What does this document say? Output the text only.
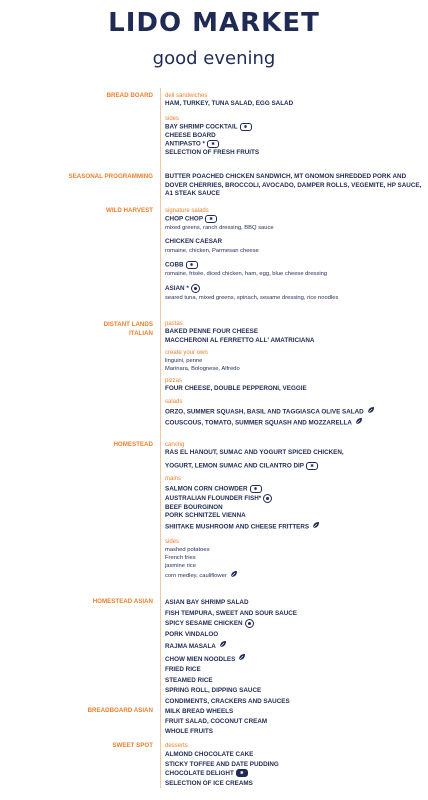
LIDO MARKET
good evening
BREAD BOARD
SEASONAL PROGRAMMING
WILD HARVEST
DISTANT LANDS
ITALIAN
HOMESTEAD
HOMESTEAD ASIAN
BREADBOARD ASIAN
SWEET SPOT
deli sandwiches
HAM, TURKEY, TUNA SALAD, EGG SALAD
sides
BAY SHRIMP COCKTAIL ✱
CHEESE BOARD
ANTIPASTO * ✱
SELECTION OF FRESH FRUITS
BUTTER POACHED CHICKEN SANDWICH, MT GNOMON SHREDDED PORK AND DOVER CHERRIES, BROCCOLI, AVOCADO, DAMPER ROLLS, VEGEMITE, HP SAUCE, A1 STEAK SAUCE
signature salads
CHOP CHOP ✱
mixed greens, ranch dressing, BBQ sauce
CHICKEN CAESAR
romaine, chicken, Parmesan cheese
COBB ✱
romaine, frisée, diced chicken, ham, egg, blue cheese dressing
ASIAN *
seared tuna, mixed greens, spinach, sesame dressing, rice noodles
pastas
BAKED PENNE FOUR CHEESE
MACCHERONI AL FERRETTO ALL' AMATRICIANA
create your own
linguini, penne
Marinara, Bolognese, Alfredo
pizzas
FOUR CHEESE, DOUBLE PEPPERONI, VEGGIE
salads
ORZO, SUMMER SQUASH, BASIL AND TAGGIASCA OLIVE SALAD
COUSCOUS, TOMATO, SUMMER SQUASH AND MOZZARELLA
carving
RAS EL HANOUT, SUMAC AND YOGURT SPICED CHICKEN,
YOGURT, LEMON SUMAC AND CILANTRO DIP ✱
mains
SALMON CORN CHOWDER ✱
AUSTRALIAN FLOUNDER FISH*
BEEF BOURGINON
PORK SCHNITZEL VIENNA
SHIITAKE MUSHROOM AND CHEESE FRITTERS
sides
mashed potatoes
French fries
jasmine rice
corn medley, cauliflower
ASIAN BAY SHRIMP SALAD
FISH TEMPURA, SWEET AND SOUR SAUCE
SPICY SESAME CHICKEN
PORK VINDALOO
RAJMA MASALA
CHOW MIEN NOODLES
FRIED RICE
STEAMED RICE
SPRING ROLL, DIPPING SAUCE
CONDIMENTS, CRACKERS AND SAUCES
MILK BREAD WHEELS
FRUIT SALAD, COCONUT CREAM
WHOLE FRUITS
desserts
ALMOND CHOCOLATE CAKE
STICKY TOFFEE AND DATE PUDDING
CHOCOLATE DELIGHT ✱
SELECTION OF ICE CREAMS
